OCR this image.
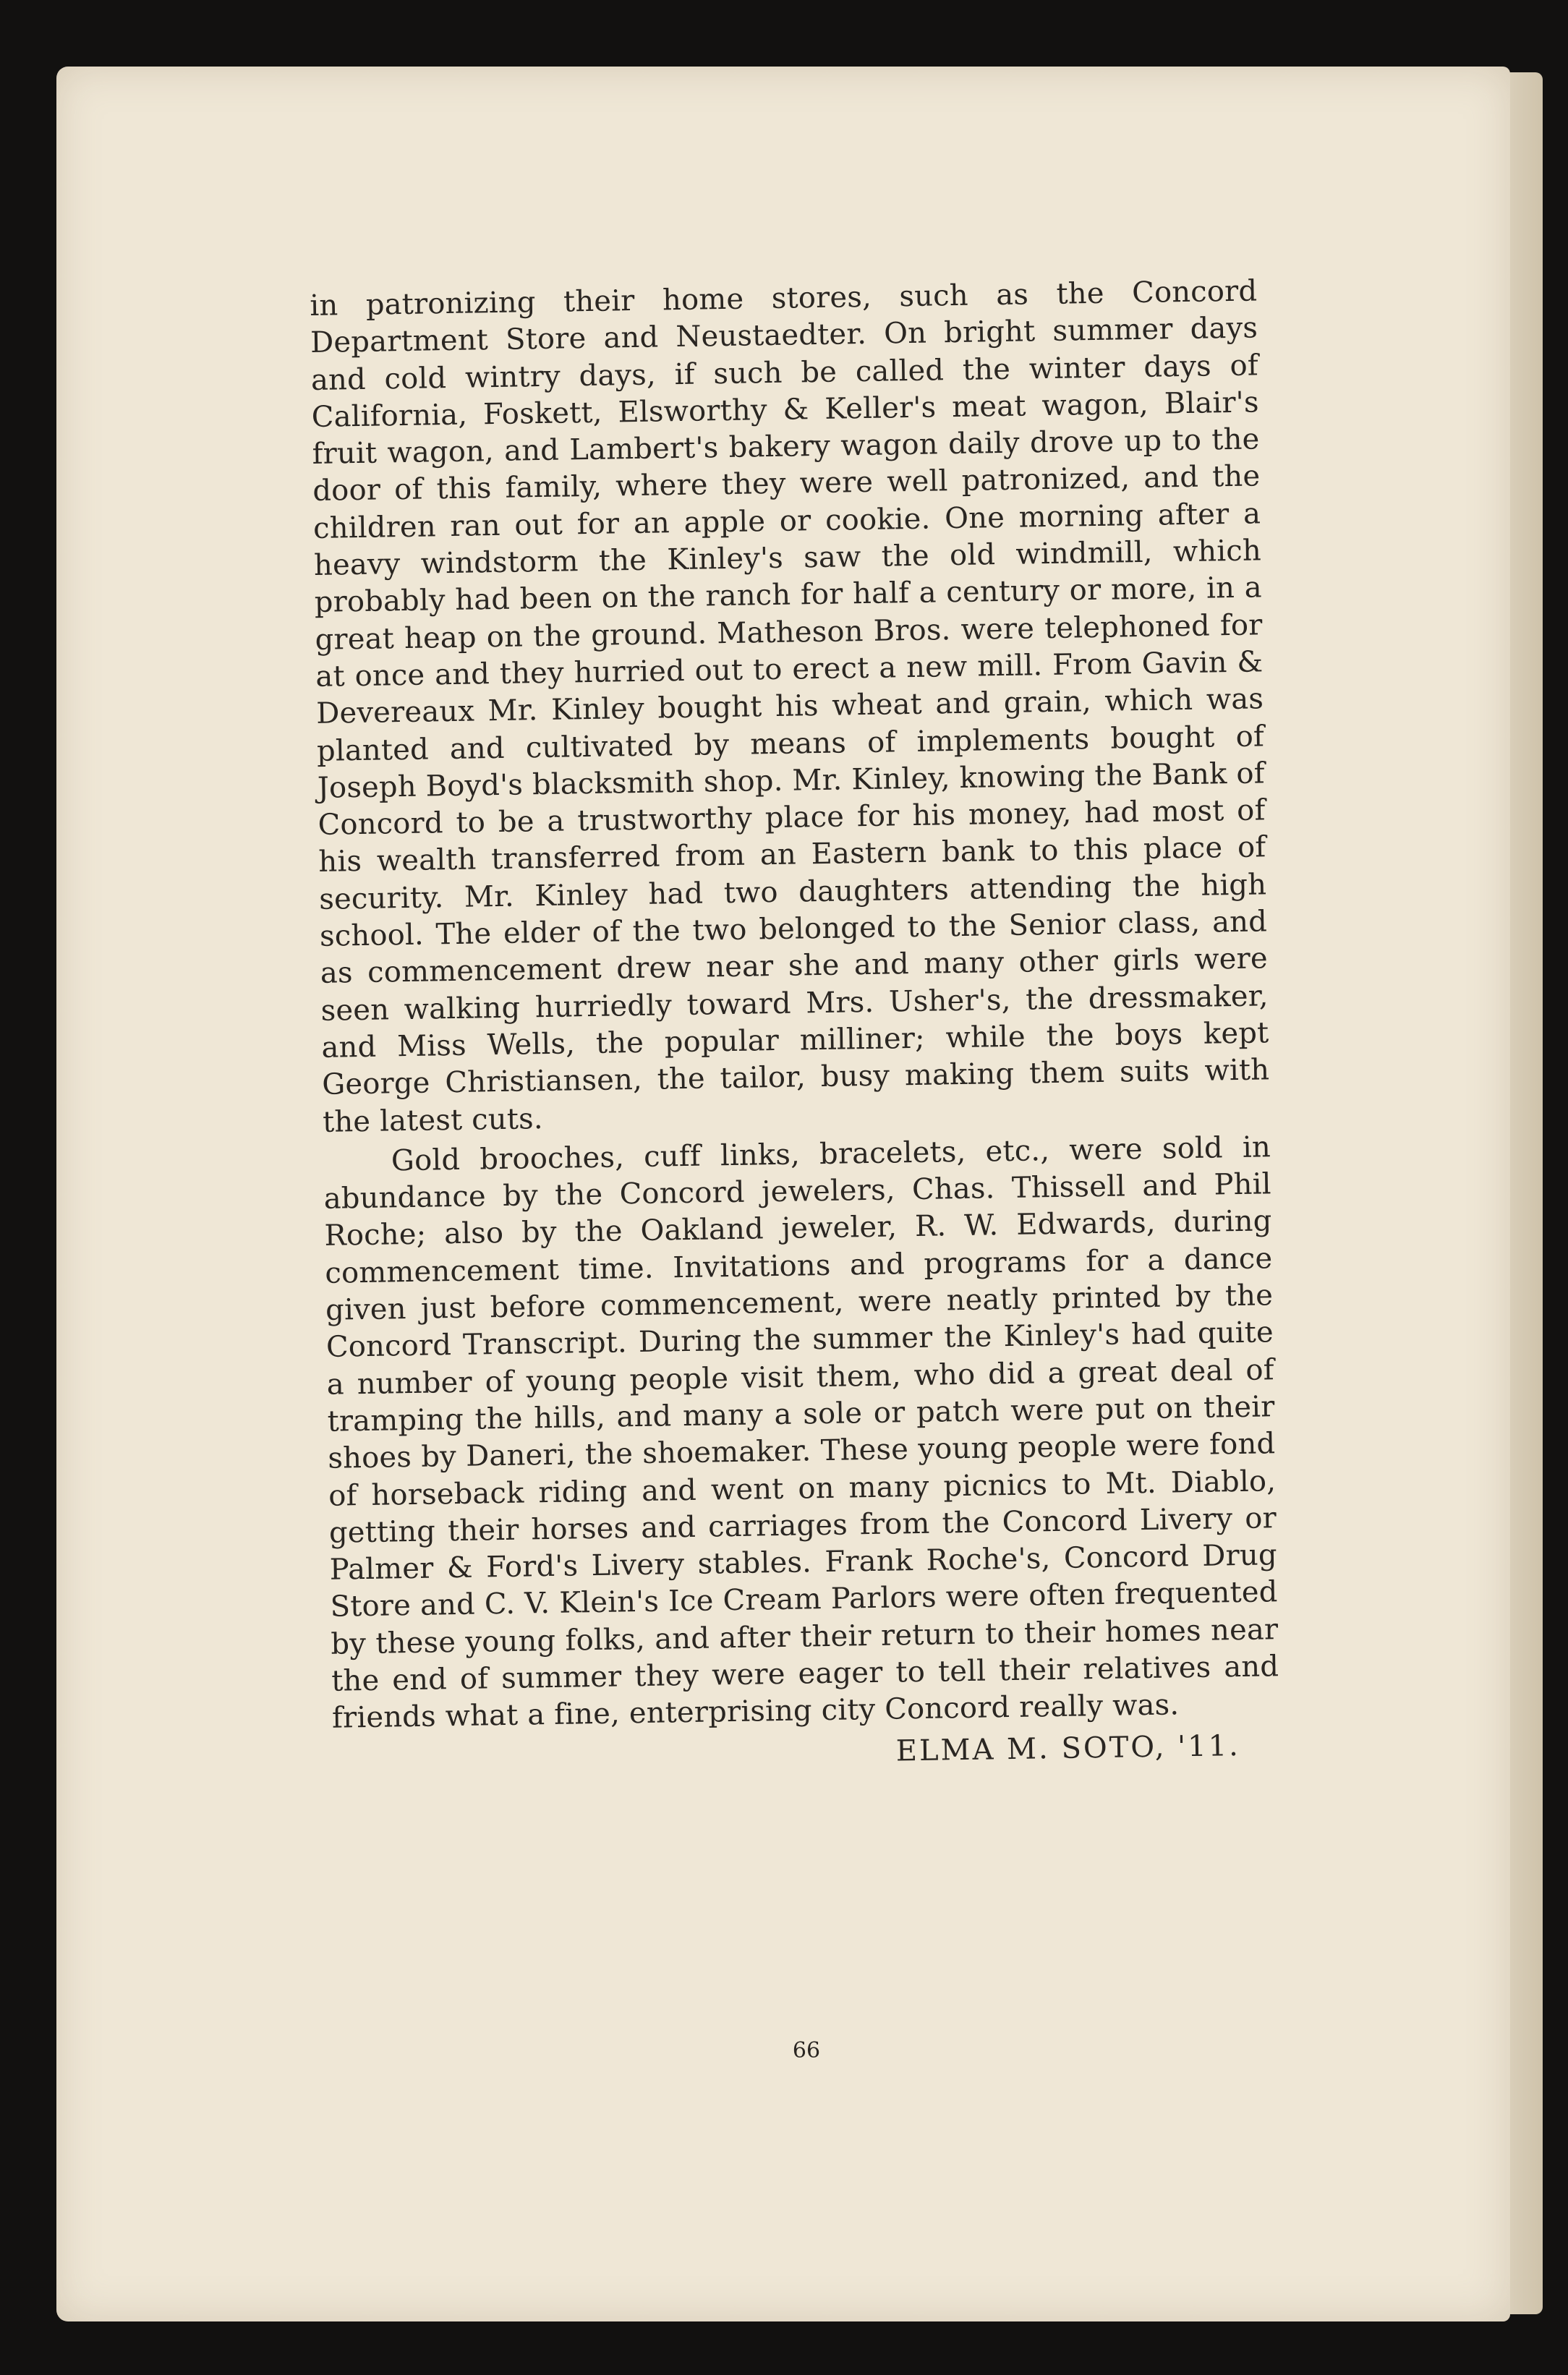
in patronizing their home stores, such as the Concord Department Store and Neustaedter. On bright summer days and cold wintry days, if such be called the winter days of California, Foskett, Elsworthy & Keller's meat wagon, Blair's fruit wagon, and Lambert's bakery wagon daily drove up to the door of this family, where they were well patronized, and the children ran out for an apple or cookie. One morning after a heavy windstorm the Kinley's saw the old windmill, which probably had been on the ranch for half a century or more, in a great heap on the ground. Matheson Bros. were telephoned for at once and they hurried out to erect a new mill. From Gavin & Devereaux Mr. Kinley bought his wheat and grain, which was planted and cultivated by means of implements bought of Joseph Boyd's blacksmith shop. Mr. Kinley, knowing the Bank of Concord to be a trustworthy place for his money, had most of his wealth transferred from an Eastern bank to this place of security. Mr. Kinley had two daughters attending the high school. The elder of the two belonged to the Senior class, and as commencement drew near she and many other girls were seen walking hurriedly toward Mrs. Usher's, the dressmaker, and Miss Wells, the popular milliner; while the boys kept George Christiansen, the tailor, busy making them suits with the latest cuts.

Gold brooches, cuff links, bracelets, etc., were sold in abundance by the Concord jewelers, Chas. Thissell and Phil Roche; also by the Oakland jeweler, R. W. Edwards, during commencement time. Invitations and programs for a dance given just before commencement, were neatly printed by the Concord Transcript. During the summer the Kinley's had quite a number of young people visit them, who did a great deal of tramping the hills, and many a sole or patch were put on their shoes by Daneri, the shoemaker. These young people were fond of horseback riding and went on many picnics to Mt. Diablo, getting their horses and carriages from the Concord Livery or Palmer & Ford's Livery stables. Frank Roche's, Concord Drug Store and C. V. Klein's Ice Cream Parlors were often frequented by these young folks, and after their return to their homes near the end of summer they were eager to tell their relatives and friends what a fine, enterprising city Concord really was.

ELMA M. SOTO, '11.

66
